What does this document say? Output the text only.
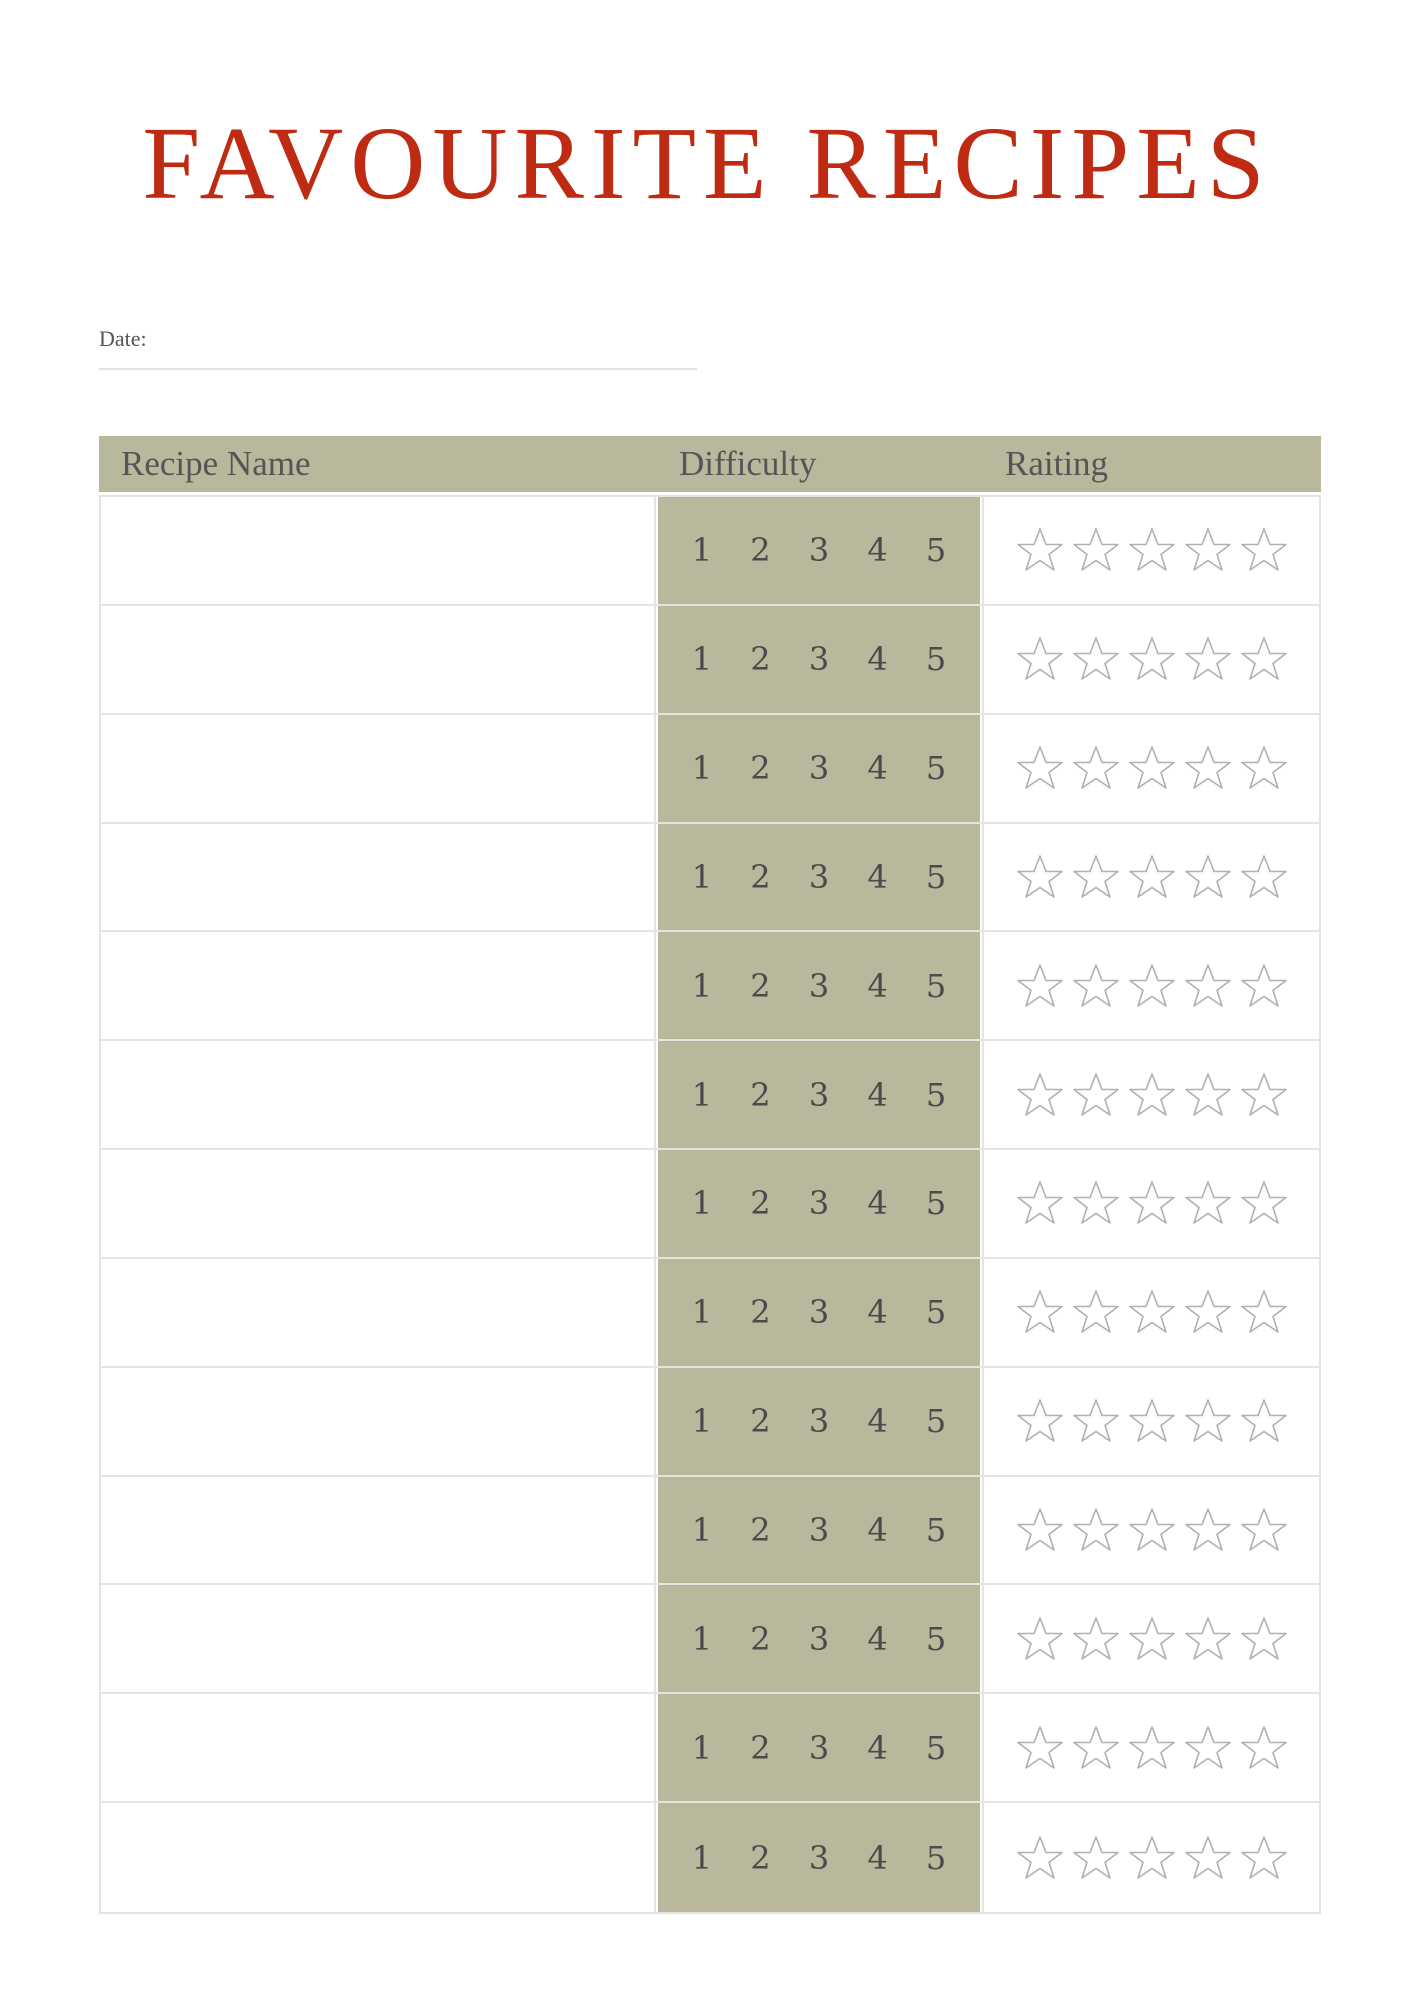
FAVOURITE RECIPES
Date:
Recipe Name	Difficulty	Raiting
1 2 3 4 5
1 2 3 4 5
1 2 3 4 5
1 2 3 4 5
1 2 3 4 5
1 2 3 4 5
1 2 3 4 5
1 2 3 4 5
1 2 3 4 5
1 2 3 4 5
1 2 3 4 5
1 2 3 4 5
1 2 3 4 5
